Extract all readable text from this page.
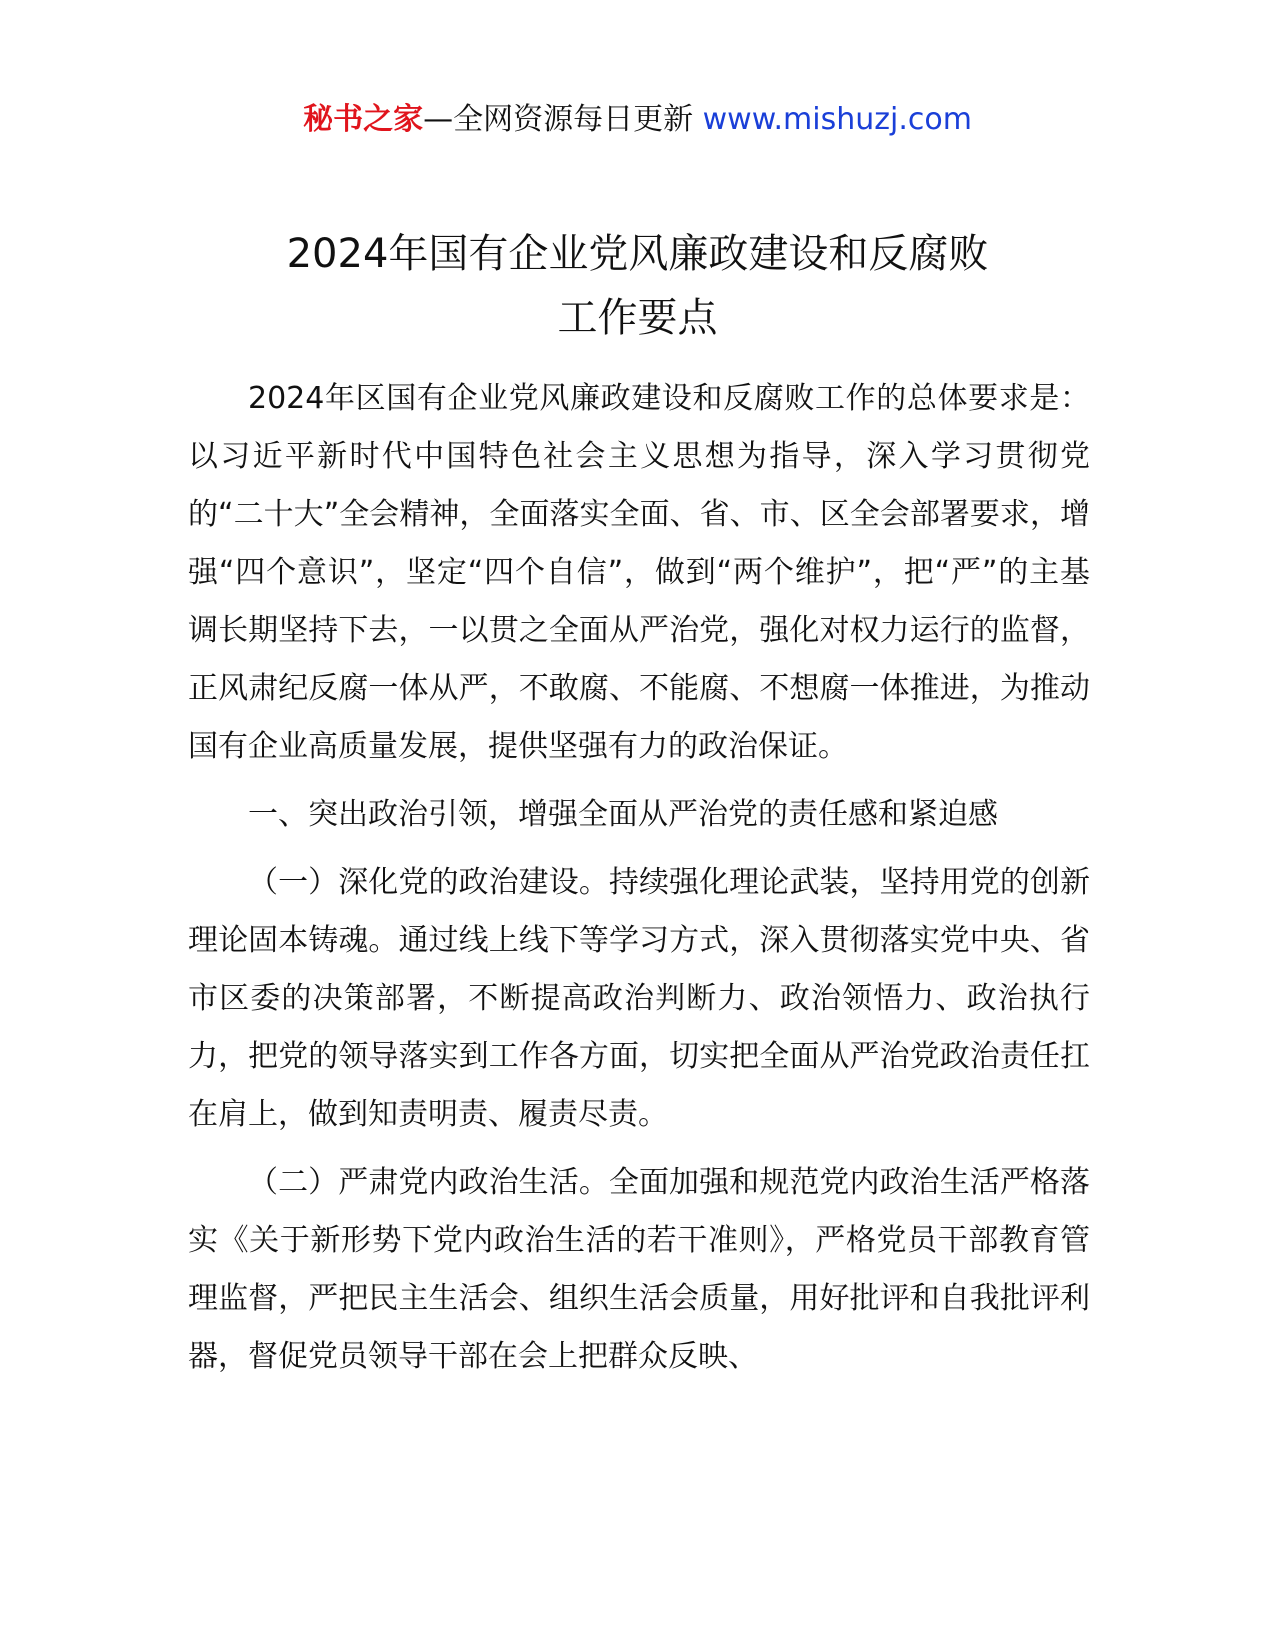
秘书之家—全网资源每日更新 www.mishuzj.com
2024年国有企业党风廉政建设和反腐败
工作要点

2024年区国有企业党风廉政建设和反腐败工作的总体要求是：以习近平新时代中国特色社会主义思想为指导，深入学习贯彻党的“二十大”全会精神，全面落实全面、省、市、区全会部署要求，增强“四个意识”，坚定“四个自信”，做到“两个维护”，把“严”的主基调长期坚持下去，一以贯之全面从严治党，强化对权力运行的监督，正风肃纪反腐一体从严，不敢腐、不能腐、不想腐一体推进，为推动国有企业高质量发展，提供坚强有力的政治保证。

一、突出政治引领，增强全面从严治党的责任感和紧迫感

（一）深化党的政治建设。持续强化理论武装，坚持用党的创新理论固本铸魂。通过线上线下等学习方式，深入贯彻落实党中央、省市区委的决策部署，不断提高政治判断力、政治领悟力、政治执行力，把党的领导落实到工作各方面，切实把全面从严治党政治责任扛在肩上，做到知责明责、履责尽责。

（二）严肃党内政治生活。全面加强和规范党内政治生活严格落实《关于新形势下党内政治生活的若干准则》，严格党员干部教育管理监督，严把民主生活会、组织生活会质量，用好批评和自我批评利器，督促党员领导干部在会上把群众反映、
